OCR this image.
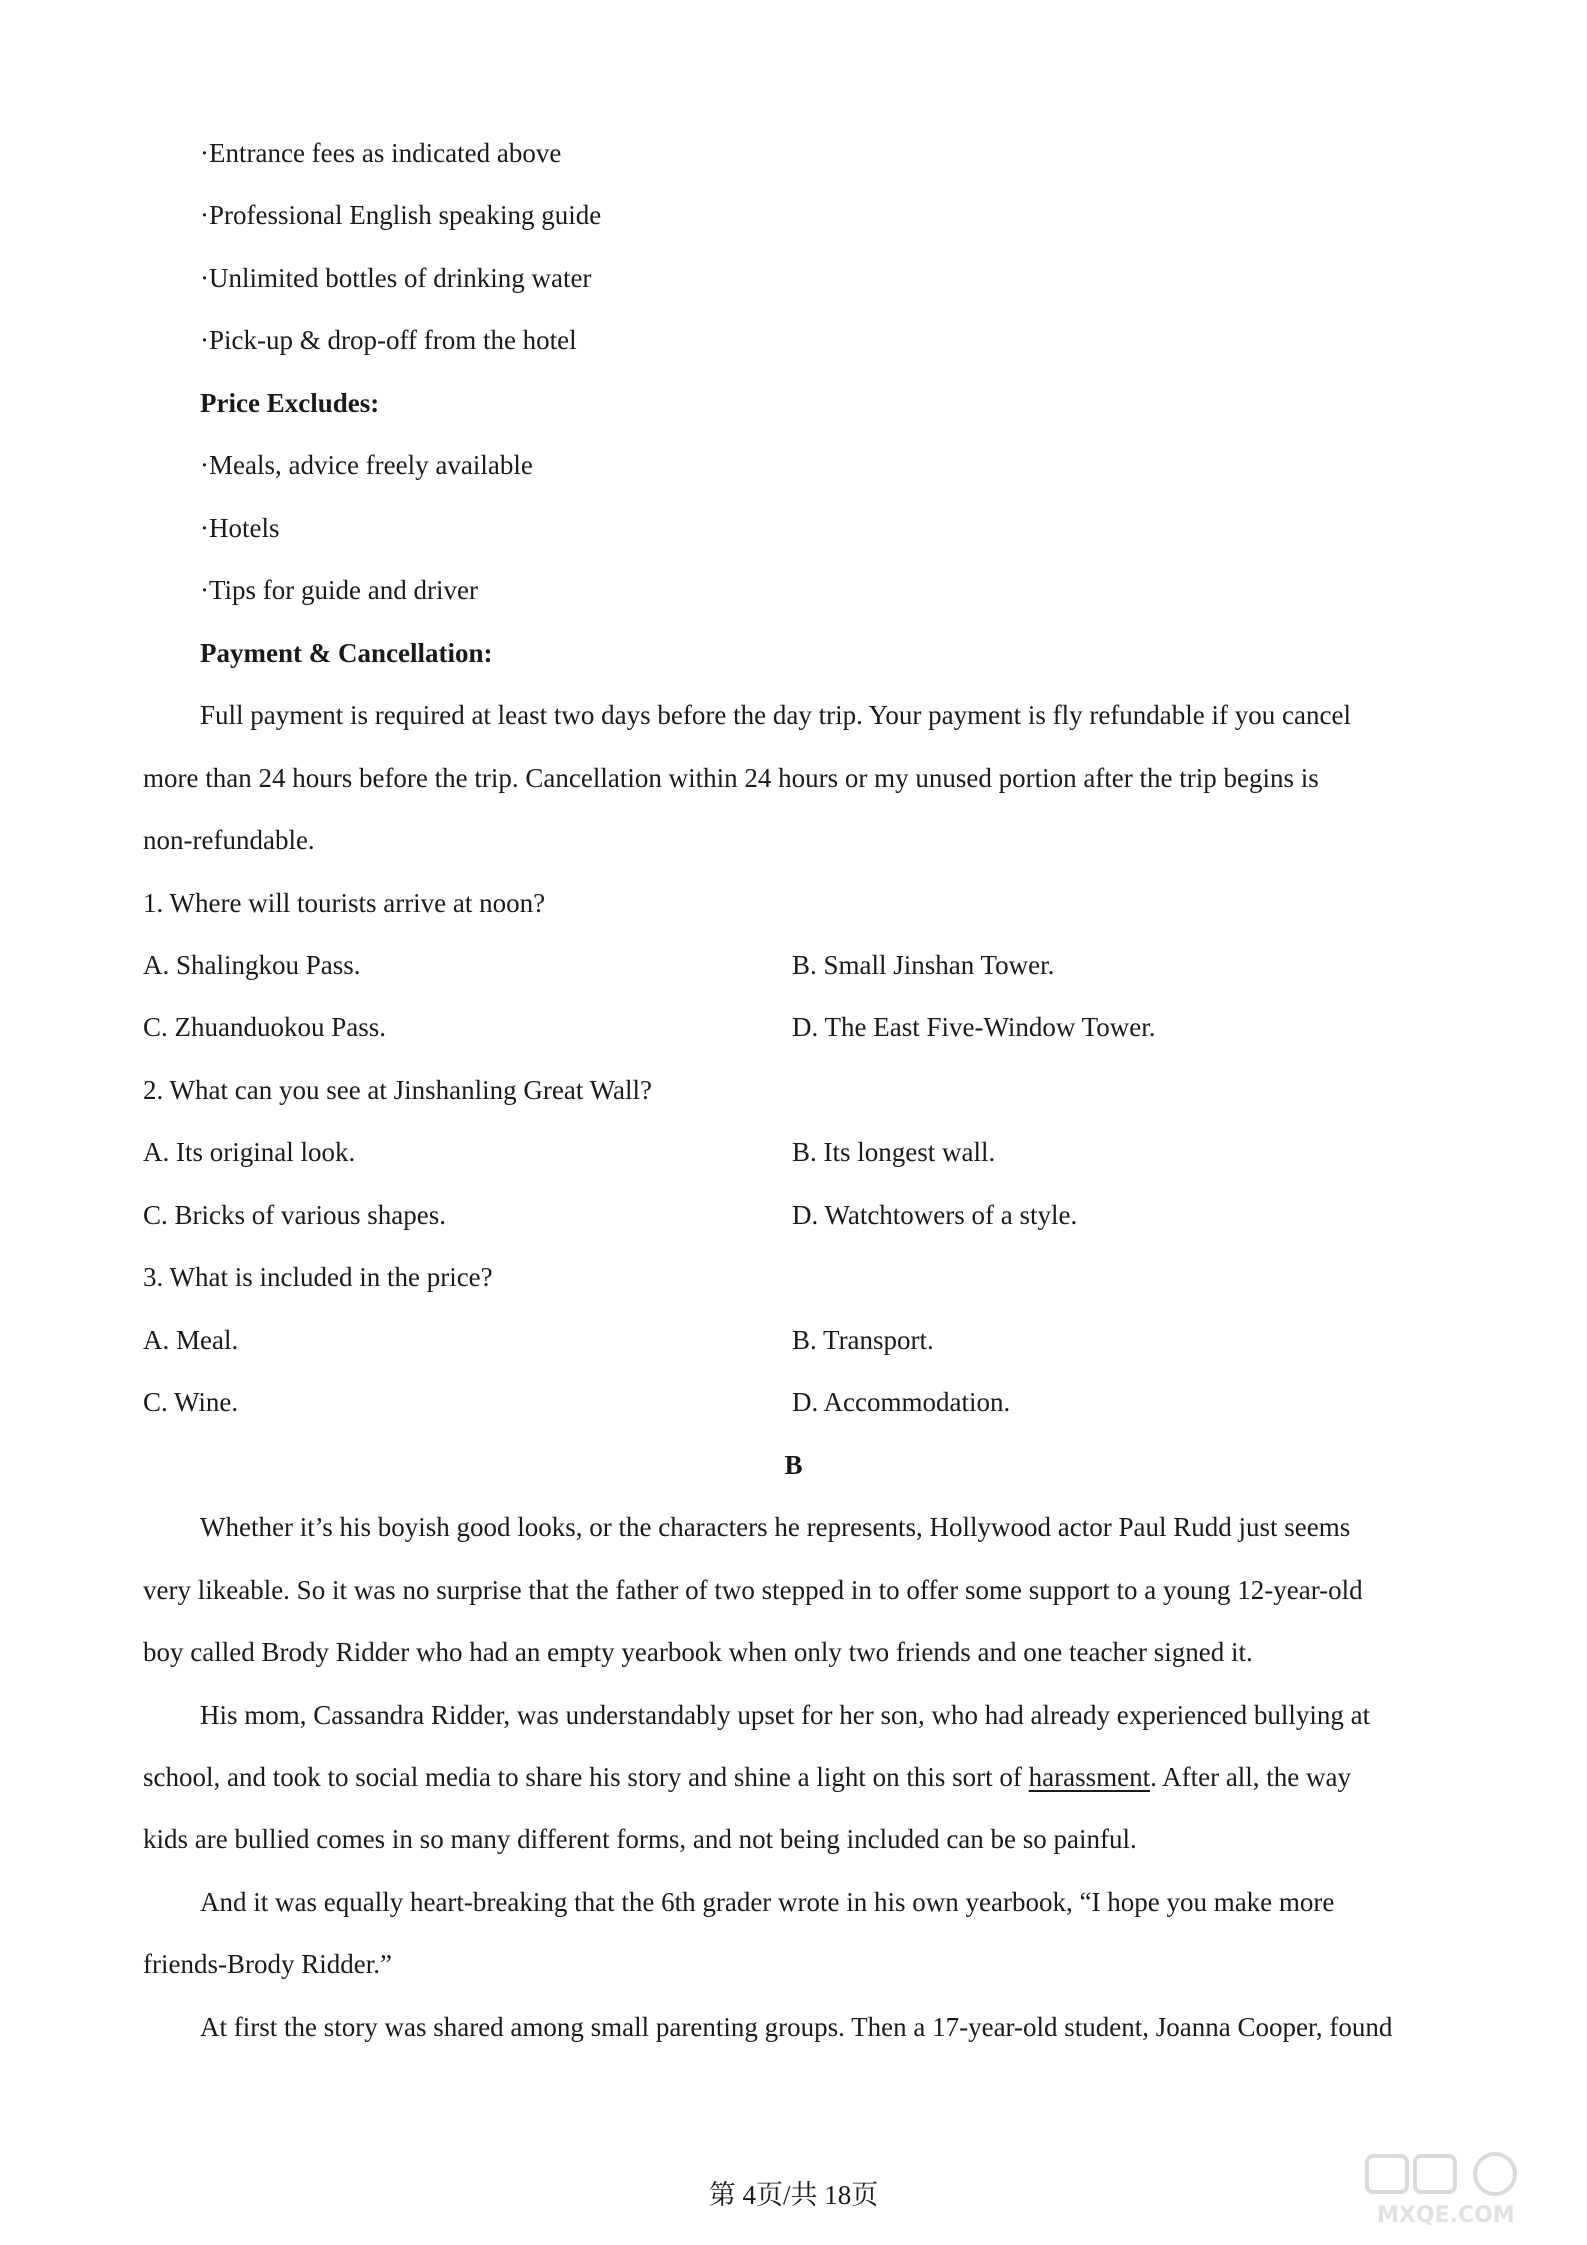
·Entrance fees as indicated above
·Professional English speaking guide
·Unlimited bottles of drinking water
·Pick-up & drop-off from the hotel
Price Excludes:
·Meals, advice freely available
·Hotels
·Tips for guide and driver
Payment & Cancellation:
Full payment is required at least two days before the day trip. Your payment is fly refundable if you cancel
more than 24 hours before the trip. Cancellation within 24 hours or my unused portion after the trip begins is
non-refundable.
1. Where will tourists arrive at noon?
A. Shalingkou Pass.	B. Small Jinshan Tower.
C. Zhuanduokou Pass.	D. The East Five-Window Tower.
2. What can you see at Jinshanling Great Wall?
A. Its original look.	B. Its longest wall.
C. Bricks of various shapes.	D. Watchtowers of a style.
3. What is included in the price?
A. Meal.	B. Transport.
C. Wine.	D. Accommodation.
B
Whether it’s his boyish good looks, or the characters he represents, Hollywood actor Paul Rudd just seems
very likeable. So it was no surprise that the father of two stepped in to offer some support to a young 12-year-old
boy called Brody Ridder who had an empty yearbook when only two friends and one teacher signed it.
His mom, Cassandra Ridder, was understandably upset for her son, who had already experienced bullying at
school, and took to social media to share his story and shine a light on this sort of harassment. After all, the way
kids are bullied comes in so many different forms, and not being included can be so painful.
And it was equally heart-breaking that the 6th grader wrote in his own yearbook, “I hope you make more
friends-Brody Ridder.”
At first the story was shared among small parenting groups. Then a 17-year-old student, Joanna Cooper, found
第 4页/共 18页
MXQE.COM
